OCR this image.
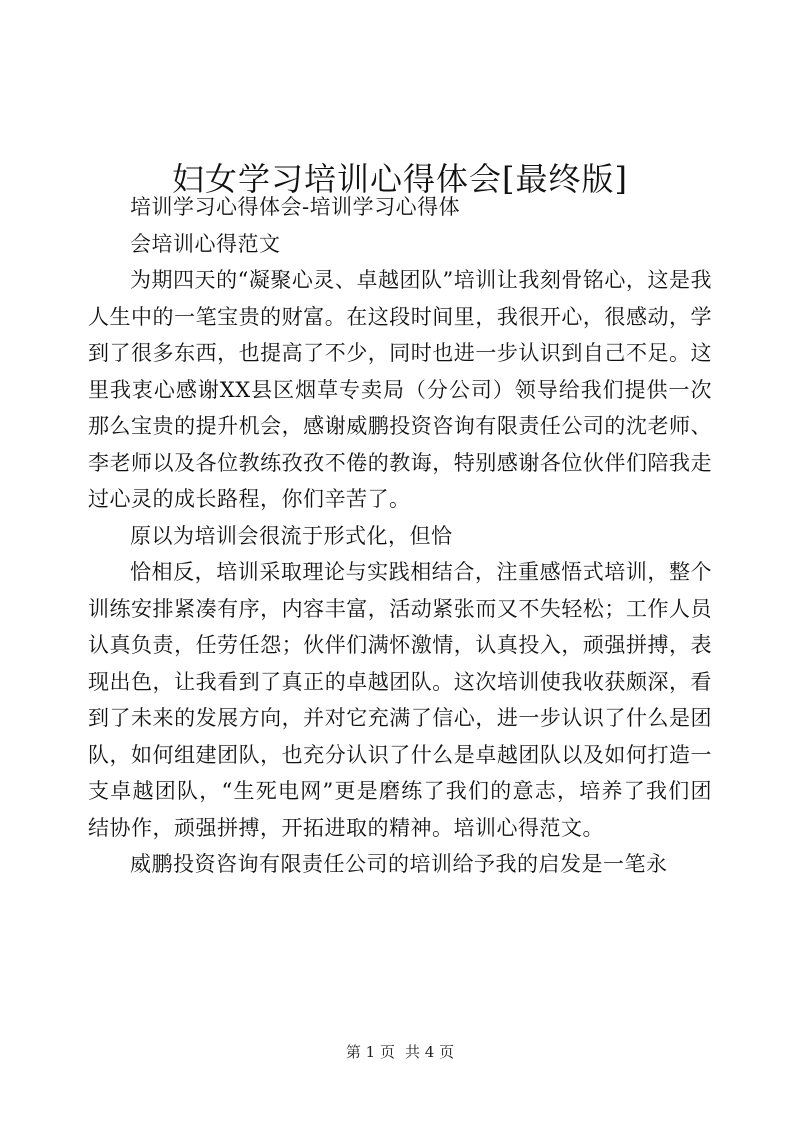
妇女学习培训心得体会[最终版]

培训学习心得体会-培训学习心得体

会培训心得范文

为期四天的“凝聚心灵、卓越团队”培训让我刻骨铭心，这是我人生中的一笔宝贵的财富。在这段时间里，我很开心，很感动，学到了很多东西，也提高了不少，同时也进一步认识到自己不足。这里我衷心感谢XX县区烟草专卖局（分公司）领导给我们提供一次那么宝贵的提升机会，感谢威鹏投资咨询有限责任公司的沈老师、李老师以及各位教练孜孜不倦的教诲，特别感谢各位伙伴们陪我走过心灵的成长路程，你们辛苦了。

原以为培训会很流于形式化，但恰

恰相反，培训采取理论与实践相结合，注重感悟式培训，整个训练安排紧凑有序，内容丰富，活动紧张而又不失轻松；工作人员认真负责，任劳任怨；伙伴们满怀激情，认真投入，顽强拼搏，表现出色，让我看到了真正的卓越团队。这次培训使我收获颇深，看到了未来的发展方向，并对它充满了信心，进一步认识了什么是团队，如何组建团队，也充分认识了什么是卓越团队以及如何打造一支卓越团队，“生死电网”更是磨练了我们的意志，培养了我们团结协作，顽强拼搏，开拓进取的精神。培训心得范文。

威鹏投资咨询有限责任公司的培训给予我的启发是一笔永

第 1 页 共 4 页
